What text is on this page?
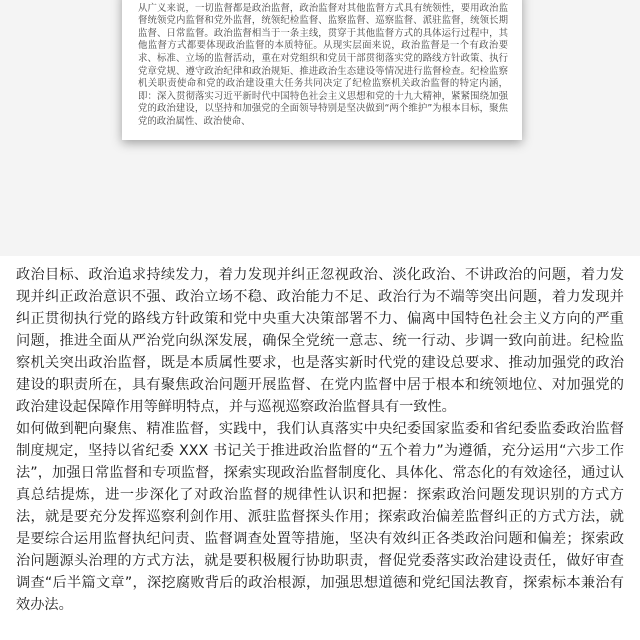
从广义来说，一切监督都是政治监督，政治监督对其他监督方式具有统领性，要用政治监督统领党内监督和党外监督，统领纪检监督、监察监督、巡察监督、派驻监督，统领长期监督、日常监督。政治监督相当于一条主线，贯穿于其他监督方式的具体运行过程中，其他监督方式都要体现政治监督的本质特征。从现实层面来说，政治监督是一个有政治要求、标准、立场的监督活动，重在对党组织和党员干部贯彻落实党的路线方针政策、执行党章党规、遵守政治纪律和政治规矩、推进政治生态建设等情况进行监督检查。纪检监察机关职责使命和党的政治建设重大任务共同决定了纪检监察机关政治监督的特定内涵，即：深入贯彻落实习近平新时代中国特色社会主义思想和党的十九大精神，紧紧围绕加强党的政治建设，以坚持和加强党的全面领导特别是坚决做到“两个维护”为根本目标，聚焦党的政治属性、政治使命、

政治目标、政治追求持续发力，着力发现并纠正忽视政治、淡化政治、不讲政治的问题，着力发现并纠正政治意识不强、政治立场不稳、政治能力不足、政治行为不端等突出问题，着力发现并纠正贯彻执行党的路线方针政策和党中央重大决策部署不力、偏离中国特色社会主义方向的严重问题，推进全面从严治党向纵深发展，确保全党统一意志、统一行动、步调一致向前进。纪检监察机关突出政治监督，既是本质属性要求，也是落实新时代党的建设总要求、推动加强党的政治建设的职责所在，具有聚焦政治问题开展监督、在党内监督中居于根本和统领地位、对加强党的政治建设起保障作用等鲜明特点，并与巡视巡察政治监督具有一致性。

如何做到靶向聚焦、精准监督，实践中，我们认真落实中央纪委国家监委和省纪委监委政治监督制度规定，坚持以省纪委 XXX 书记关于推进政治监督的“五个着力”为遵循，充分运用“六步工作法”，加强日常监督和专项监督，探索实现政治监督制度化、具体化、常态化的有效途径，通过认真总结提炼，进一步深化了对政治监督的规律性认识和把握：探索政治问题发现识别的方式方法，就是要充分发挥巡察利剑作用、派驻监督探头作用；探索政治偏差监督纠正的方式方法，就是要综合运用监督执纪问责、监督调查处置等措施，坚决有效纠正各类政治问题和偏差；探索政治问题源头治理的方式方法，就是要积极履行协助职责，督促党委落实政治建设责任，做好审查调查“后半篇文章”，深挖腐败背后的政治根源，加强思想道德和党纪国法教育，探索标本兼治有效办法。
